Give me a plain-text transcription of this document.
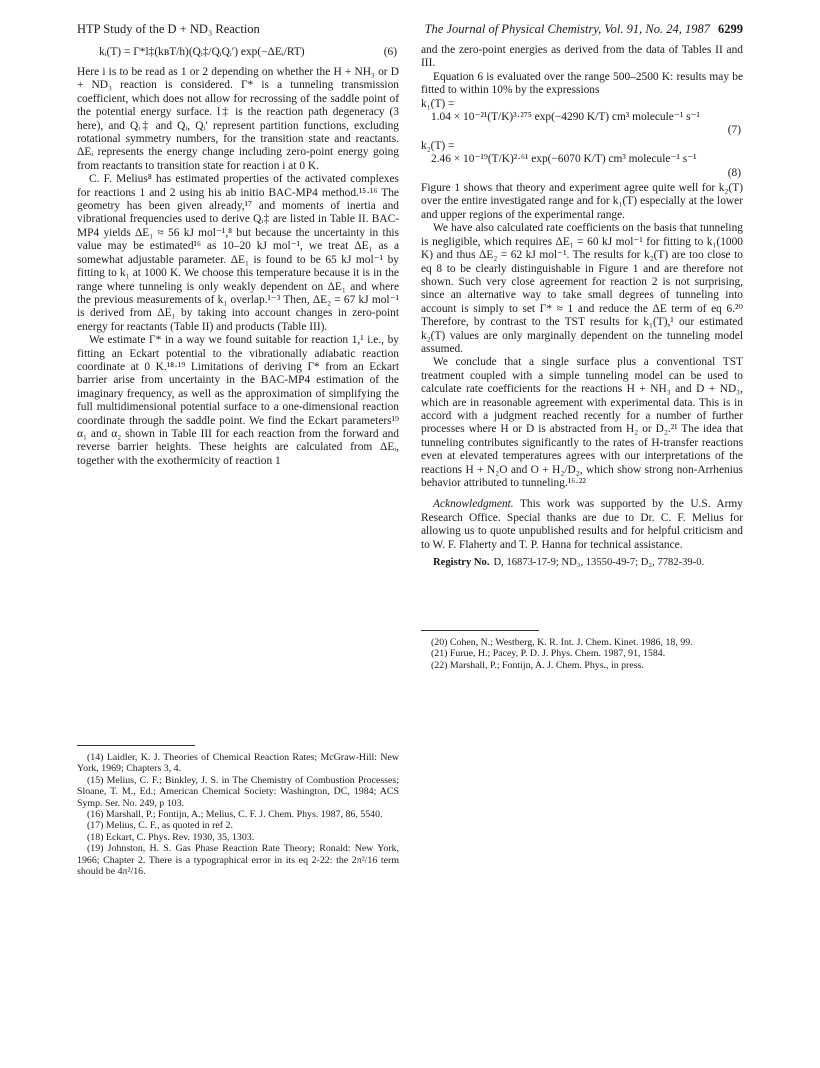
HTP Study of the D + ND₃ Reaction	The Journal of Physical Chemistry, Vol. 91, No. 24, 1987 6299
kᵢ(T) = Γ*l‡(kʙT/h)(Qᵢ‡/QᵢQᵢ′) exp(−ΔEᵢ/RT)	(6)

Here i is to be read as 1 or 2 depending on whether the H + NH₃ or D + ND₃ reaction is considered. Γ* is a tunneling transmission coefficient, which does not allow for recrossing of the saddle point of the potential energy surface. l‡ is the reaction path degeneracy (3 here), and Qᵢ‡ and Qᵢ, Qᵢ′ represent partition functions, excluding rotational symmetry numbers, for the transition state and reactants. ΔEᵢ represents the energy change including zero-point energy going from reactants to transition state for reaction i at 0 K.

C. F. Melius⁸ has estimated properties of the activated complexes for reactions 1 and 2 using his ab initio BAC-MP4 method.¹⁵·¹⁶ The geometry has been given already,¹⁷ and moments of inertia and vibrational frequencies used to derive Qᵢ‡ are listed in Table II. BAC-MP4 yields ΔE₁ ≈ 56 kJ mol⁻¹,⁸ but because the uncertainty in this value may be estimated¹⁶ as 10–20 kJ mol⁻¹, we treat ΔE₁ as a somewhat adjustable parameter. ΔE₁ is found to be 65 kJ mol⁻¹ by fitting to k₁ at 1000 K. We choose this temperature because it is in the range where tunneling is only weakly dependent on ΔE₁ and where the previous measurements of k₁ overlap.¹⁻³ Then, ΔE₂ = 67 kJ mol⁻¹ is derived from ΔE₁ by taking into account changes in zero-point energy for reactants (Table II) and products (Table III).

We estimate Γ* in a way we found suitable for reaction 1,¹ i.e., by fitting an Eckart potential to the vibrationally adiabatic reaction coordinate at 0 K.¹⁸·¹⁹ Limitations of deriving Γ* from an Eckart barrier arise from uncertainty in the BAC-MP4 estimation of the imaginary frequency, as well as the approximation of simplifying the full multidimensional potential surface to a one-dimensional reaction coordinate through the saddle point. We find the Eckart parameters¹⁹ α₁ and α₂ shown in Table III for each reaction from the forward and reverse barrier heights. These heights are calculated from ΔEᵢ, together with the exothermicity of reaction 1

(14) Laidler, K. J. Theories of Chemical Reaction Rates; McGraw-Hill: New York, 1969; Chapters 3, 4.
(15) Melius, C. F.; Binkley, J. S. in The Chemistry of Combustion Processes; Sloane, T. M., Ed.; American Chemical Society: Washington, DC, 1984; ACS Symp. Ser. No. 249, p 103.
(16) Marshall, P.; Fontijn, A.; Melius, C. F. J. Chem. Phys. 1987, 86, 5540.
(17) Melius, C. F., as quoted in ref 2.
(18) Eckart, C. Phys. Rev. 1930, 35, 1303.
(19) Johnston, H. S. Gas Phase Reaction Rate Theory; Ronald: New York, 1966; Chapter 2. There is a typographical error in its eq 2-22: the 2π²/16 term should be 4π²/16.

and the zero-point energies as derived from the data of Tables II and III.

Equation 6 is evaluated over the range 500–2500 K: results may be fitted to within 10% by the expressions

k₁(T) =
1.04 × 10⁻²¹(T/K)³·²⁷⁵ exp(−4290 K/T) cm³ molecule⁻¹ s⁻¹
(7)
k₂(T) =
2.46 × 10⁻¹⁹(T/K)²·⁶¹ exp(−6070 K/T) cm³ molecule⁻¹ s⁻¹
(8)

Figure 1 shows that theory and experiment agree quite well for k₂(T) over the entire investigated range and for k₁(T) especially at the lower and upper regions of the experimental range.

We have also calculated rate coefficients on the basis that tunneling is negligible, which requires ΔE₁ = 60 kJ mol⁻¹ for fitting to k₁(1000 K) and thus ΔE₂ = 62 kJ mol⁻¹. The results for k₂(T) are too close to eq 8 to be clearly distinguishable in Figure 1 and are therefore not shown. Such very close agreement for reaction 2 is not surprising, since an alternative way to take small degrees of tunneling into account is simply to set Γ* ≈ 1 and reduce the ΔE term of eq 6.²⁰ Therefore, by contrast to the TST results for k₁(T),¹ our estimated k₂(T) values are only marginally dependent on the tunneling model assumed.

We conclude that a single surface plus a conventional TST treatment coupled with a simple tunneling model can be used to calculate rate coefficients for the reactions H + NH₃ and D + ND₃, which are in reasonable agreement with experimental data. This is in accord with a judgment reached recently for a number of further processes where H or D is abstracted from H₂ or D₂.²¹ The idea that tunneling contributes significantly to the rates of H-transfer reactions even at elevated temperatures agrees with our interpretations of the reactions H + N₂O and O + H₂/D₂, which show strong non-Arrhenius behavior attributed to tunneling.¹⁶·²²

Acknowledgment. This work was supported by the U.S. Army Research Office. Special thanks are due to Dr. C. F. Melius for allowing us to quote unpublished results and for helpful criticism and to W. F. Flaherty and T. P. Hanna for technical assistance.

Registry No. D, 16873-17-9; ND₃, 13550-49-7; D₂, 7782-39-0.

(20) Cohen, N.; Westberg, K. R. Int. J. Chem. Kinet. 1986, 18, 99.
(21) Furue, H.; Pacey, P. D. J. Phys. Chem. 1987, 91, 1584.
(22) Marshall, P.; Fontijn, A. J. Chem. Phys., in press.
